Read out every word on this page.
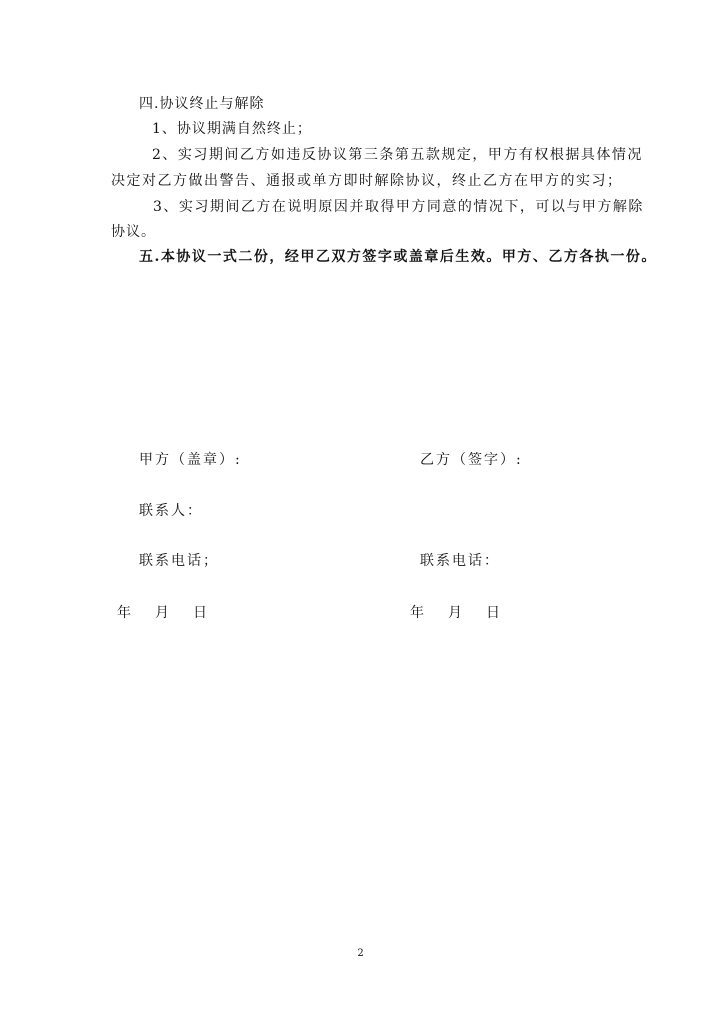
四.协议终止与解除
1、协议期满自然终止；
2、实习期间乙方如违反协议第三条第五款规定，甲方有权根据具体情况
决定对乙方做出警告、通报或单方即时解除协议，终止乙方在甲方的实习；
3、实习期间乙方在说明原因并取得甲方同意的情况下，可以与甲方解除
协议。
五.本协议一式二份，经甲乙双方签字或盖章后生效。甲方、乙方各执一份。
甲方（盖章）:	乙方（签字）:
联系人：
联系电话；	联系电话：
年 月 日	年 月 日
2
